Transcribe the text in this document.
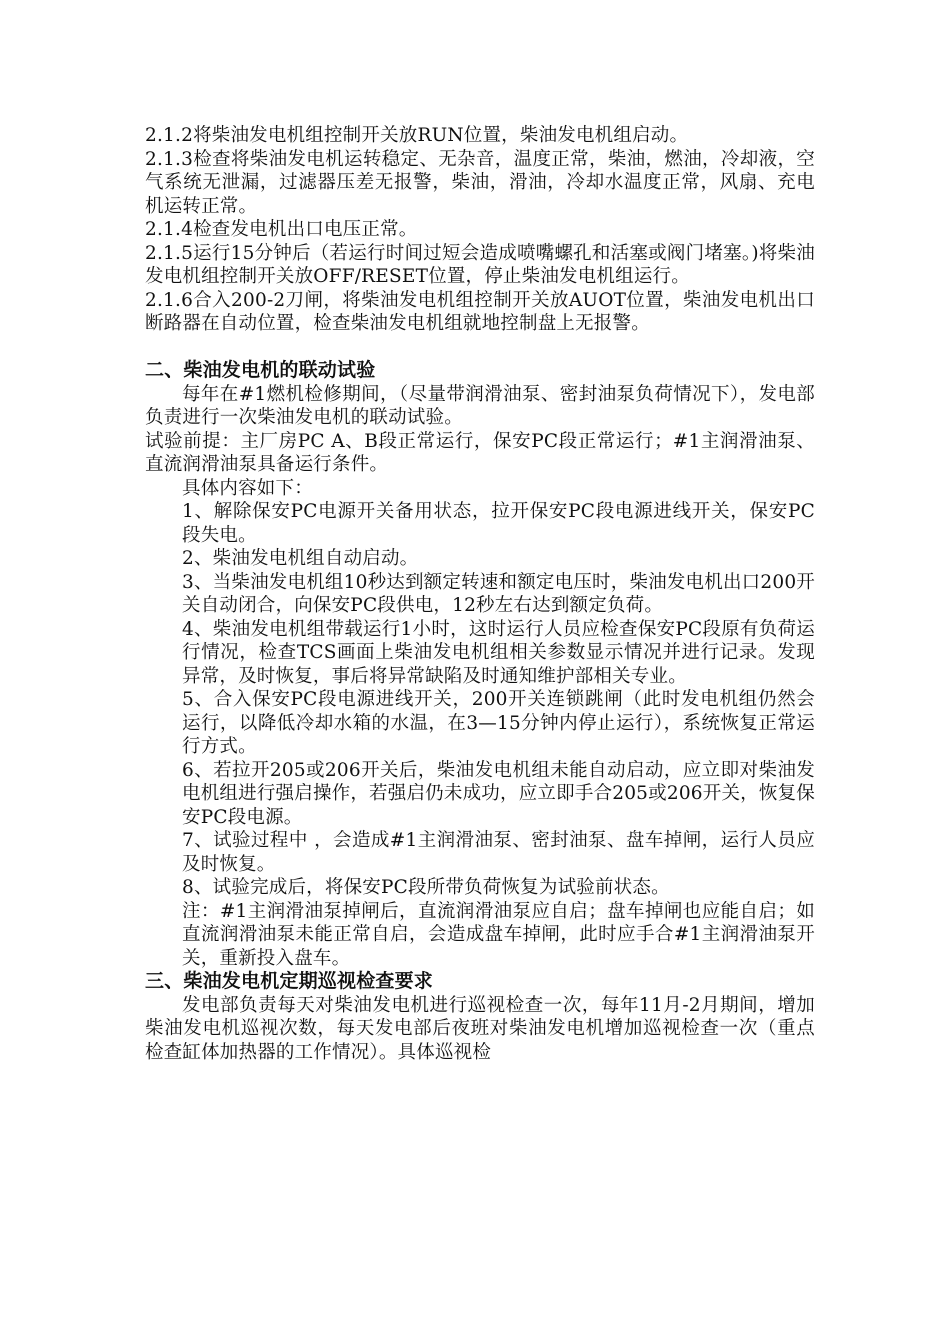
2.1.2将柴油发电机组控制开关放RUN位置，柴油发电机组启动。

2.1.3检查将柴油发电机运转稳定、无杂音，温度正常，柴油，燃油，冷却液，空气系统无泄漏，过滤器压差无报警，柴油，滑油，冷却水温度正常，风扇、充电机运转正常。

2.1.4检查发电机出口电压正常。

2.1.5运行15分钟后（若运行时间过短会造成喷嘴螺孔和活塞或阀门堵塞。)将柴油发电机组控制开关放OFF/RESET位置，停止柴油发电机组运行。

2.1.6合入200-2刀闸，将柴油发电机组控制开关放AUOT位置，柴油发电机出口断路器在自动位置，检查柴油发电机组就地控制盘上无报警。

二、柴油发电机的联动试验

每年在#1燃机检修期间，（尽量带润滑油泵、密封油泵负荷情况下），发电部负责进行一次柴油发电机的联动试验。

试验前提：主厂房PC A、B段正常运行，保安PC段正常运行；#1主润滑油泵、直流润滑油泵具备运行条件。

具体内容如下：

1、解除保安PC电源开关备用状态，拉开保安PC段电源进线开关，保安PC段失电。

2、柴油发电机组自动启动。

3、当柴油发电机组10秒达到额定转速和额定电压时，柴油发电机出口200开关自动闭合，向保安PC段供电，12秒左右达到额定负荷。

4、柴油发电机组带载运行1小时，这时运行人员应检查保安PC段原有负荷运行情况，检查TCS画面上柴油发电机组相关参数显示情况并进行记录。发现异常，及时恢复，事后将异常缺陷及时通知维护部相关专业。

5、合入保安PC段电源进线开关，200开关连锁跳闸（此时发电机组仍然会运行，以降低冷却水箱的水温，在3—15分钟内停止运行），系统恢复正常运行方式。

6、若拉开205或206开关后，柴油发电机组未能自动启动，应立即对柴油发电机组进行强启操作，若强启仍未成功，应立即手合205或206开关，恢复保安PC段电源。

7、试验过程中 ，会造成#1主润滑油泵、密封油泵、盘车掉闸，运行人员应及时恢复。

8、试验完成后，将保安PC段所带负荷恢复为试验前状态。

注：#1主润滑油泵掉闸后，直流润滑油泵应自启；盘车掉闸也应能自启；如直流润滑油泵未能正常自启，会造成盘车掉闸，此时应手合#1主润滑油泵开关，重新投入盘车。

三、柴油发电机定期巡视检查要求

发电部负责每天对柴油发电机进行巡视检查一次，每年11月-2月期间，增加柴油发电机巡视次数，每天发电部后夜班对柴油发电机增加巡视检查一次（重点检查缸体加热器的工作情况）。具体巡视检
